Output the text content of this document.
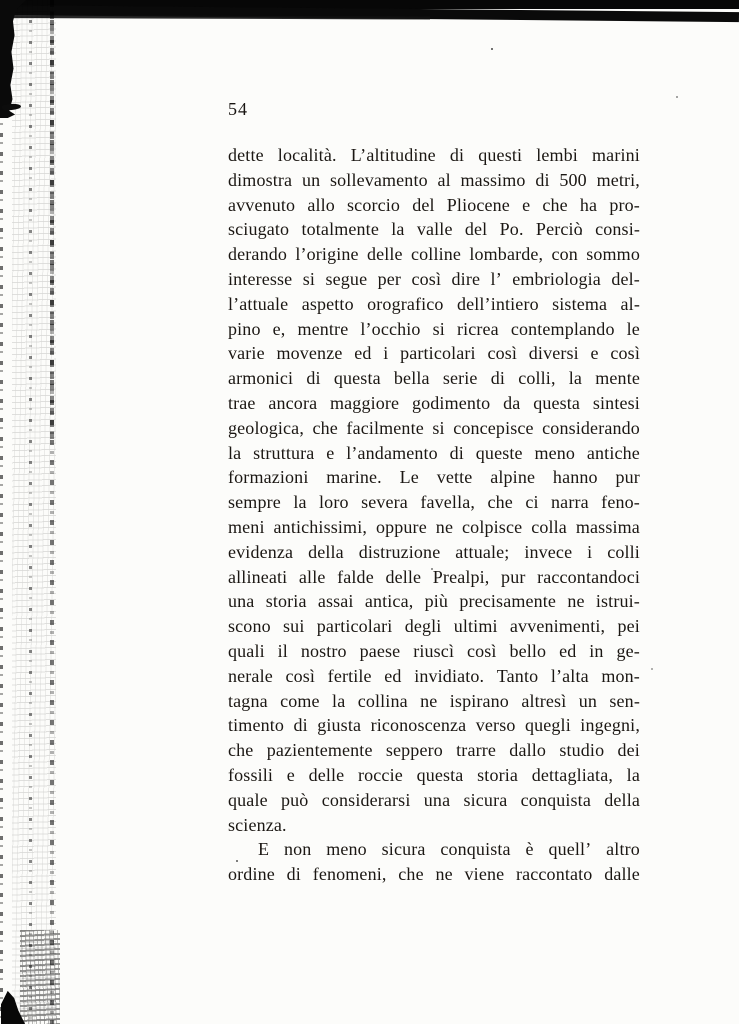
54
dette località. L’altitudine di questi lembi marini
dimostra un sollevamento al massimo di 500 metri,
avvenuto allo scorcio del Pliocene e che ha pro-
sciugato totalmente la valle del Po. Perciò consi-
derando l’origine delle colline lombarde, con sommo
interesse si segue per così dire l’ embriologia del-
l’attuale aspetto orografico dell’intiero sistema al-
pino e, mentre l’occhio si ricrea contemplando le
varie movenze ed i particolari così diversi e così
armonici di questa bella serie di colli, la mente
trae ancora maggiore godimento da questa sintesi
geologica, che facilmente si concepisce considerando
la struttura e l’andamento di queste meno antiche
formazioni marine. Le vette alpine hanno pur
sempre la loro severa favella, che ci narra feno-
meni antichissimi, oppure ne colpisce colla massima
evidenza della distruzione attuale; invece i colli
allineati alle falde delle Prealpi, pur raccontandoci
una storia assai antica, più precisamente ne istrui-
scono sui particolari degli ultimi avvenimenti, pei
quali il nostro paese riuscì così bello ed in ge-
nerale così fertile ed invidiato. Tanto l’alta mon-
tagna come la collina ne ispirano altresì un sen-
timento di giusta riconoscenza verso quegli ingegni,
che pazientemente seppero trarre dallo studio dei
fossili e delle roccie questa storia dettagliata, la
quale può considerarsi una sicura conquista della
scienza.
E non meno sicura conquista è quell’ altro
ordine di fenomeni, che ne viene raccontato dalle
